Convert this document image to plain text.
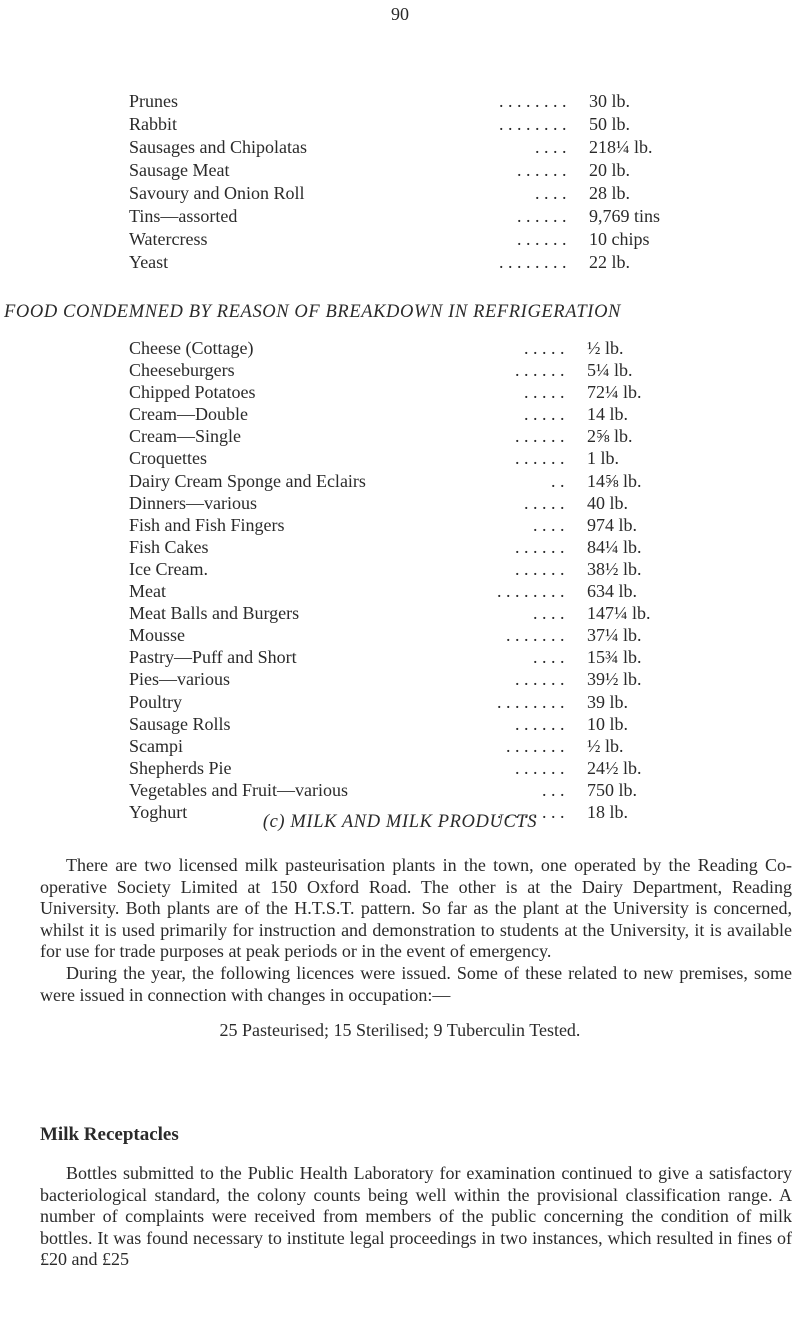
90
Prunes	. . . . . . . . 30 lb.
Rabbit	. . . . . . . . 50 lb.
Sausages and Chipolatas	. . . . 218¼ lb.
Sausage Meat	. . . . . . 20 lb.
Savoury and Onion Roll	. . . . 28 lb.
Tins—assorted	. . . . . . 9,769 tins
Watercress	. . . . . . 10 chips
Yeast	. . . . . . . . 22 lb.
FOOD CONDEMNED BY REASON OF BREAKDOWN IN REFRIGERATION
Cheese (Cottage)	. . . . . ½ lb.
Cheeseburgers	. . . . . . 5¼ lb.
Chipped Potatoes	. . . . . 72¼ lb.
Cream—Double	. . . . . 14 lb.
Cream—Single	. . . . . . 2⅝ lb.
Croquettes	. . . . . . 1 lb.
Dairy Cream Sponge and Eclairs	. . 14⅝ lb.
Dinners—various	. . . . . 40 lb.
Fish and Fish Fingers	. . . . 974 lb.
Fish Cakes	. . . . . . 84¼ lb.
Ice Cream.	. . . . . . 38½ lb.
Meat	. . . . . . . . 634 lb.
Meat Balls and Burgers	. . . . 147¼ lb.
Mousse	. . . . . . . 37¼ lb.
Pastry—Puff and Short	. . . . 15¾ lb.
Pies—various	. . . . . . 39½ lb.
Poultry	. . . . . . . . 39 lb.
Sausage Rolls	. . . . . . 10 lb.
Scampi	. . . . . . . ½ lb.
Shepherds Pie	. . . . . . 24½ lb.
Vegetables and Fruit—various	. . . 750 lb.
Yoghurt	. . . . . . . . 18 lb.
(c) MILK AND MILK PRODUCTS

There are two licensed milk pasteurisation plants in the town, one operated by the Reading Co-operative Society Limited at 150 Oxford Road. The other is at the Dairy Department, Reading University. Both plants are of the H.T.S.T. pattern. So far as the plant at the University is concerned, whilst it is used primarily for instruction and demonstration to students at the University, it is available for use for trade purposes at peak periods or in the event of emergency.

During the year, the following licences were issued. Some of these related to new premises, some were issued in connection with changes in occupation:—

25 Pasteurised; 15 Sterilised; 9 Tuberculin Tested.

Milk Receptacles

Bottles submitted to the Public Health Laboratory for examination continued to give a satisfactory bacteriological standard, the colony counts being well within the provisional classification range. A number of complaints were received from members of the public concerning the condition of milk bottles. It was found necessary to institute legal proceedings in two instances, which resulted in fines of £20 and £25
